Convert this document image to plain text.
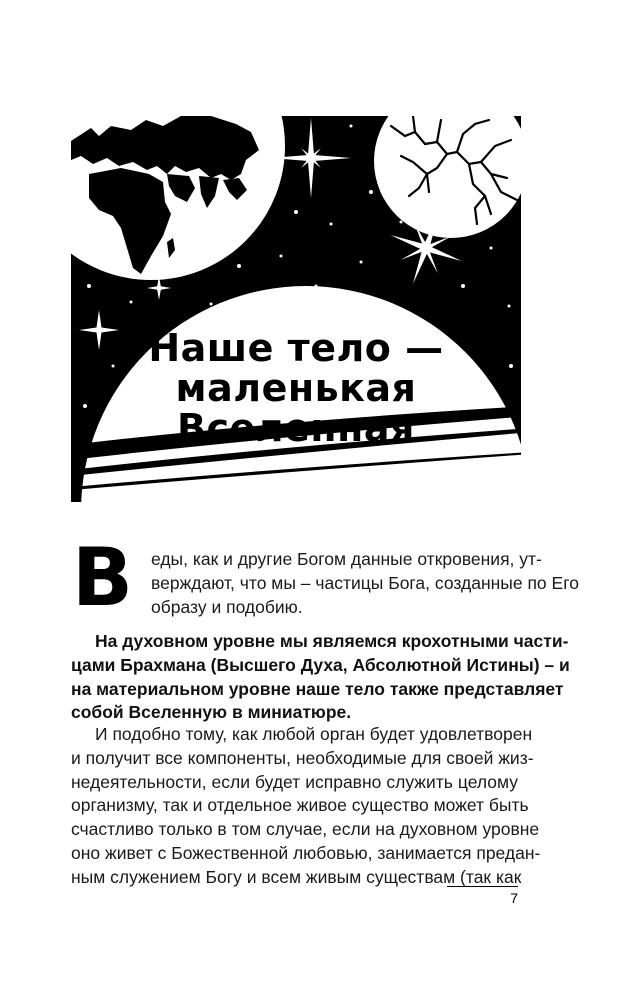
Наше тело —
маленькая
Вселенная
В еды, как и другие Богом данные откровения, ут-
верждают, что мы – частицы Бога, созданные по Его
образу и подобию.

На духовном уровне мы являемся крохотными части-
цами Брахмана (Высшего Духа, Абсолютной Истины) – и
на материальном уровне наше тело также представляет
собой Вселенную в миниатюре.

И подобно тому, как любой орган будет удовлетворен
и получит все компоненты, необходимые для своей жиз-
недеятельности, если будет исправно служить целому
организму, так и отдельное живое существо может быть
счастливо только в том случае, если на духовном уровне
оно живет с Божественной любовью, занимается предан-
ным служением Богу и всем живым существам (так как

7
